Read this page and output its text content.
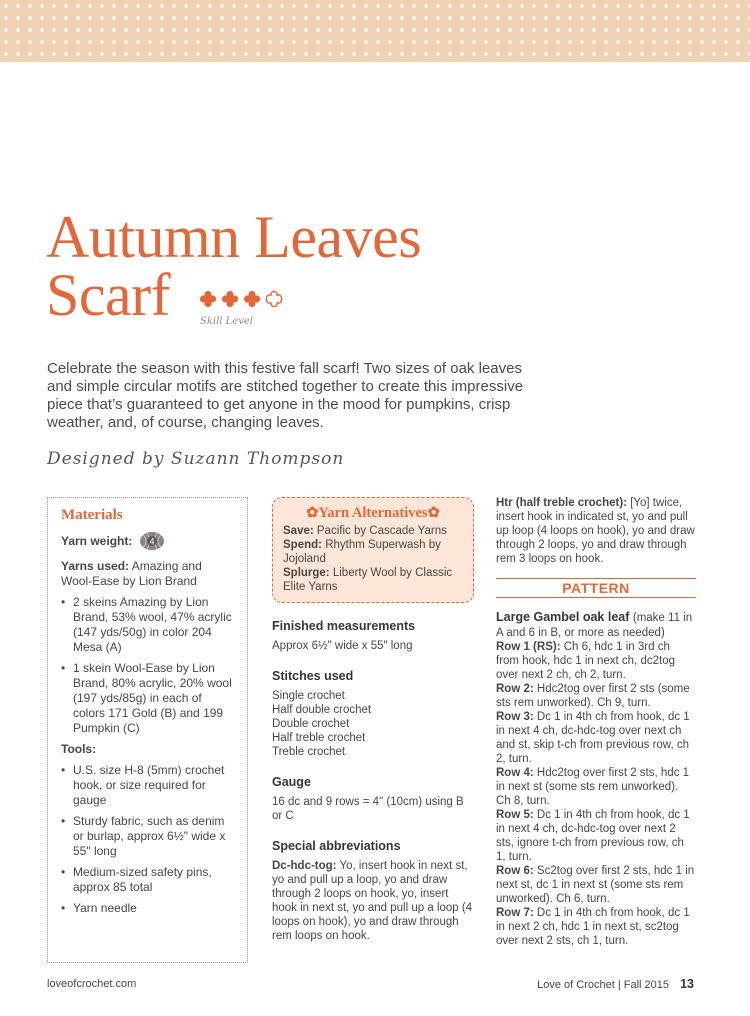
Autumn Leaves
Scarf	Skill Level

Celebrate the season with this festive fall scarf! Two sizes of oak leaves and simple circular motifs are stitched together to create this impressive piece that’s guaranteed to get anyone in the mood for pumpkins, crisp weather, and, of course, changing leaves.

Designed by Suzann Thompson

Materials
Yarn weight: 4
Yarns used: Amazing and Wool-Ease by Lion Brand
• 2 skeins Amazing by Lion Brand, 53% wool, 47% acrylic (147 yds/50g) in color 204 Mesa (A)
• 1 skein Wool-Ease by Lion Brand, 80% acrylic, 20% wool (197 yds/85g) in each of colors 171 Gold (B) and 199 Pumpkin (C)
Tools:
• U.S. size H-8 (5mm) crochet hook, or size required for gauge
• Sturdy fabric, such as denim or burlap, approx 6½" wide x 55" long
• Medium-sized safety pins, approx 85 total
• Yarn needle
✿Yarn Alternatives✿

Save: Pacific by Cascade Yarns

Spend: Rhythm Superwash by Jojoland

Splurge: Liberty Wool by Classic Elite Yarns

Finished measurements

Approx 6½" wide x 55" long

Stitches used

Single crochet

Half double crochet

Double crochet

Half treble crochet

Treble crochet

Gauge

16 dc and 9 rows = 4" (10cm) using B or C

Special abbreviations

Dc-hdc-tog: Yo, insert hook in next st, yo and pull up a loop, yo and draw through 2 loops on hook, yo, insert hook in next st, yo and pull up a loop (4 loops on hook), yo and draw through rem loops on hook.

Htr (half treble crochet): [Yo] twice, insert hook in indicated st, yo and pull up loop (4 loops on hook), yo and draw through 2 loops, yo and draw through rem 3 loops on hook.

PATTERN

Large Gambel oak leaf (make 11 in A and 6 in B, or more as needed)

Row 1 (RS): Ch 6, hdc 1 in 3rd ch from hook, hdc 1 in next ch, dc2tog over next 2 ch, ch 2, turn.

Row 2: Hdc2tog over first 2 sts (some sts rem unworked). Ch 9, turn.

Row 3: Dc 1 in 4th ch from hook, dc 1 in next 4 ch, dc-hdc-tog over next ch and st, skip t-ch from previous row, ch 2, turn.

Row 4: Hdc2tog over first 2 sts, hdc 1 in next st (some sts rem unworked). Ch 8, turn.

Row 5: Dc 1 in 4th ch from hook, dc 1 in next 4 ch, dc-hdc-tog over next 2 sts, ignore t-ch from previous row, ch 1, turn.

Row 6: Sc2tog over first 2 sts, hdc 1 in next st, dc 1 in next st (some sts rem unworked). Ch 6, turn.

Row 7: Dc 1 in 4th ch from hook, dc 1 in next 2 ch, hdc 1 in next st, sc2tog over next 2 sts, ch 1, turn.

loveofcrochet.com	Love of Crochet | Fall 2015 13
